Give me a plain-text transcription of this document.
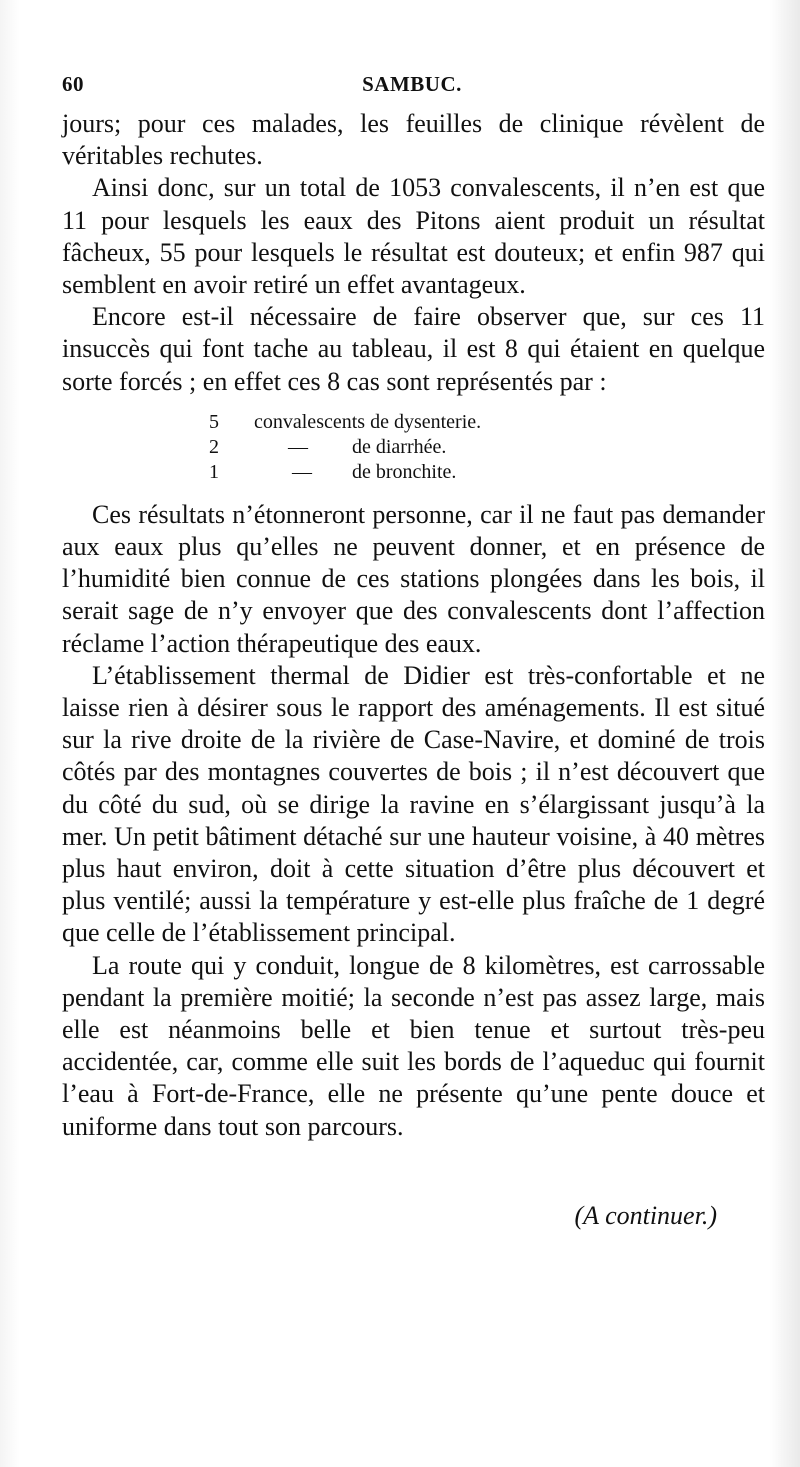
60	SAMBUC.

jours; pour ces malades, les feuilles de clinique révèlent de véritables rechutes.

Ainsi donc, sur un total de 1053 convalescents, il n’en est que 11 pour lesquels les eaux des Pitons aient produit un résultat fâcheux, 55 pour lesquels le résultat est douteux; et enfin 987 qui semblent en avoir retiré un effet avantageux.

Encore est-il nécessaire de faire observer que, sur ces 11 insuccès qui font tache au tableau, il est 8 qui étaient en quelque sorte forcés ; en effet ces 8 cas sont représentés par :

5 convalescents de dysenterie.
2	— de diarrhée.
1	— de bronchite.

Ces résultats n’étonneront personne, car il ne faut pas demander aux eaux plus qu’elles ne peuvent donner, et en présence de l’humidité bien connue de ces stations plongées dans les bois, il serait sage de n’y envoyer que des convalescents dont l’affection réclame l’action thérapeutique des eaux.

L’établissement thermal de Didier est très-confortable et ne laisse rien à désirer sous le rapport des aménagements. Il est situé sur la rive droite de la rivière de Case-Navire, et dominé de trois côtés par des montagnes couvertes de bois ; il n’est découvert que du côté du sud, où se dirige la ravine en s’élargissant jusqu’à la mer. Un petit bâtiment détaché sur une hauteur voisine, à 40 mètres plus haut environ, doit à cette situation d’être plus découvert et plus ventilé; aussi la température y est-elle plus fraîche de 1 degré que celle de l’établissement principal.

La route qui y conduit, longue de 8 kilomètres, est carrossable pendant la première moitié; la seconde n’est pas assez large, mais elle est néanmoins belle et bien tenue et surtout très-peu accidentée, car, comme elle suit les bords de l’aqueduc qui fournit l’eau à Fort-de-France, elle ne présente qu’une pente douce et uniforme dans tout son parcours.

(A continuer.)
